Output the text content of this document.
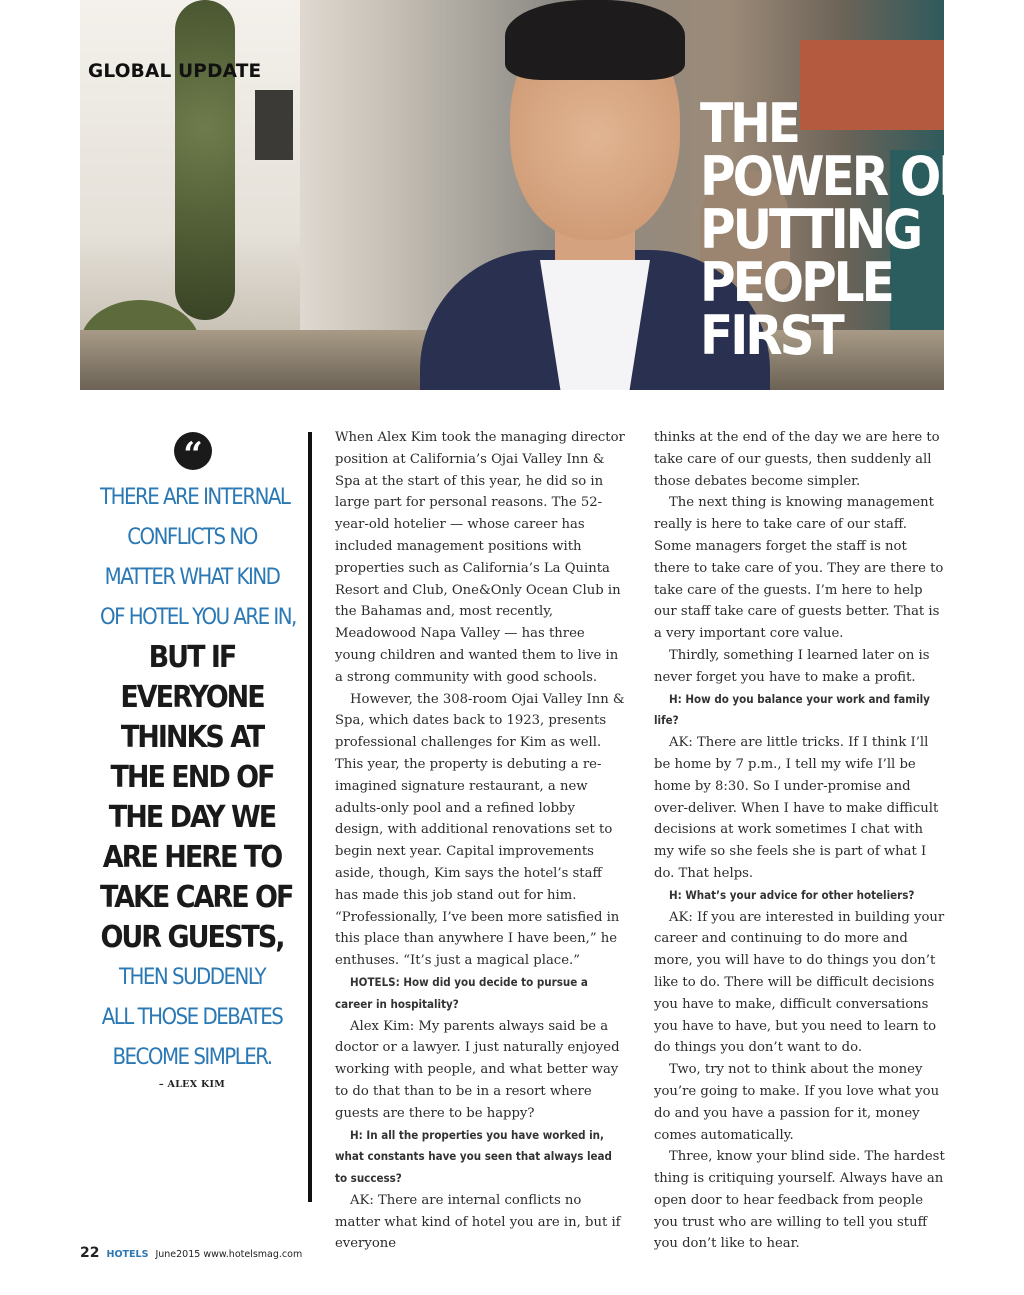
GLOBAL UPDATE
THE
POWER OF
PUTTING
PEOPLE
FIRST
“
THERE ARE INTERNAL
CONFLICTS NO
MATTER WHAT KIND
OF HOTEL YOU ARE IN,
BUT IF
EVERYONE
THINKS AT
THE END OF
THE DAY WE
ARE HERE TO
TAKE CARE OF
OUR GUESTS,
THEN SUDDENLY
ALL THOSE DEBATES
BECOME SIMPLER.
– ALEX KIM

When Alex Kim took the managing director position at California’s Ojai Valley Inn & Spa at the start of this year, he did so in large part for personal reasons. The 52-year-old hotelier — whose career has included management positions with properties such as California’s La Quinta Resort and Club, One&Only Ocean Club in the Bahamas and, most recently, Meadowood Napa Valley — has three young children and wanted them to live in a strong community with good schools.

However, the 308-room Ojai Valley Inn & Spa, which dates back to 1923, presents professional challenges for Kim as well. This year, the property is debuting a re-imagined signature restaurant, a new adults-only pool and a refined lobby design, with additional renovations set to begin next year. Capital improvements aside, though, Kim says the hotel’s staff has made this job stand out for him. “Professionally, I’ve been more satisfied in this place than anywhere I have been,” he enthuses. “It’s just a magical place.”

HOTELS: How did you decide to pursue a career in hospitality?

Alex Kim: My parents always said be a doctor or a lawyer. I just naturally enjoyed working with people, and what better way to do that than to be in a resort where guests are there to be happy?

H: In all the properties you have worked in, what constants have you seen that always lead to success?

AK: There are internal conflicts no matter what kind of hotel you are in, but if everyone

thinks at the end of the day we are here to take care of our guests, then suddenly all those debates become simpler.

The next thing is knowing management really is here to take care of our staff. Some managers forget the staff is not there to take care of you. They are there to take care of the guests. I’m here to help our staff take care of guests better. That is a very important core value.

Thirdly, something I learned later on is never forget you have to make a profit.

H: How do you balance your work and family life?

AK: There are little tricks. If I think I’ll be home by 7 p.m., I tell my wife I’ll be home by 8:30. So I under-promise and over-deliver. When I have to make difficult decisions at work sometimes I chat with my wife so she feels she is part of what I do. That helps.

H: What’s your advice for other hoteliers?

AK: If you are interested in building your career and continuing to do more and more, you will have to do things you don’t like to do. There will be difficult decisions you have to make, difficult conversations you have to have, but you need to learn to do things you don’t want to do.

Two, try not to think about the money you’re going to make. If you love what you do and you have a passion for it, money comes automatically.

Three, know your blind side. The hardest thing is critiquing yourself. Always have an open door to hear feedback from people you trust who are willing to tell you stuff you don’t like to hear.

22 HOTELS June2015 www.hotelsmag.com
